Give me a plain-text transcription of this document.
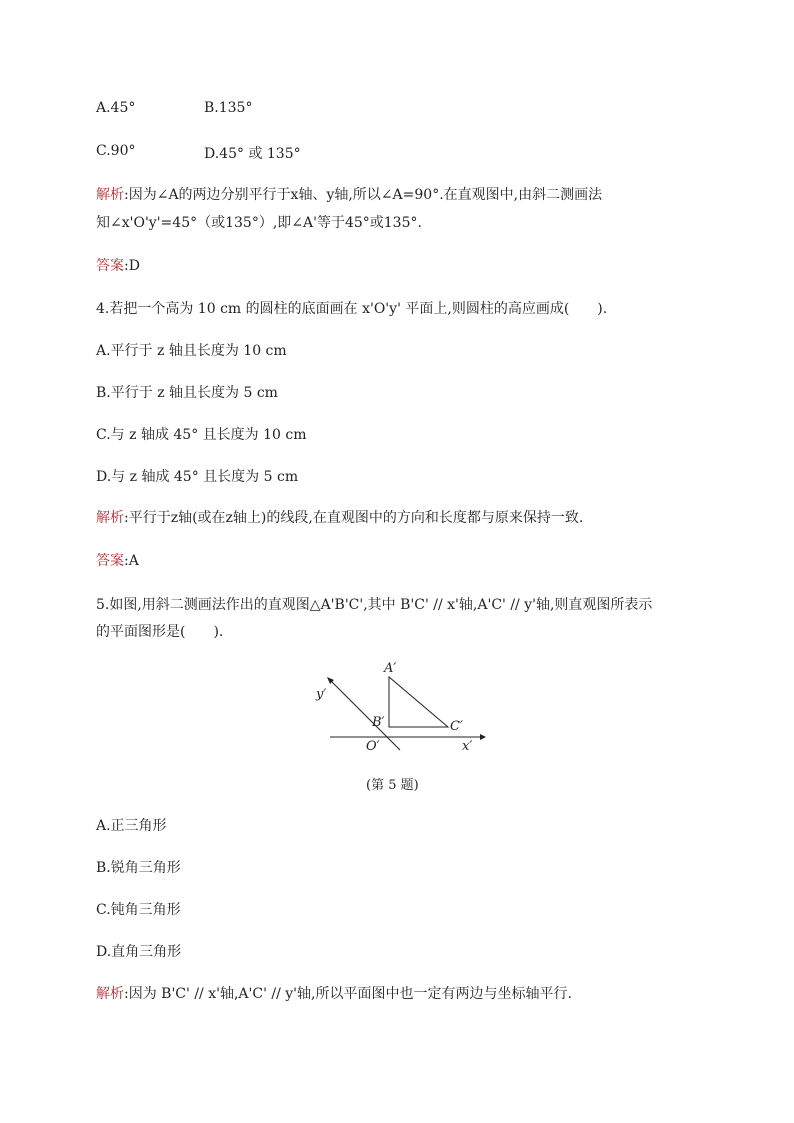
A.45°	B.135°
C.90°	D.45° 或 135°
解析:因为∠A的两边分别平行于x轴、y轴,所以∠A=90°.在直观图中,由斜二测画法
知∠x'O'y'=45°（或135°）,即∠A'等于45°或135°.
答案:D
4.若把一个高为 10 cm 的圆柱的底面画在 x'O'y' 平面上,则圆柱的高应画成(　　).
A.平行于 z 轴且长度为 10 cm
B.平行于 z 轴且长度为 5 cm
C.与 z 轴成 45° 且长度为 10 cm
D.与 z 轴成 45° 且长度为 5 cm
解析:平行于z轴(或在z轴上)的线段,在直观图中的方向和长度都与原来保持一致.
答案:A
5.如图,用斜二测画法作出的直观图△A'B'C',其中 B'C' // x'轴,A'C' // y'轴,则直观图所表示
的平面图形是(　　).
A′
B′	C′
O′	x′
y′
(第 5 题)
A.正三角形
B.锐角三角形
C.钝角三角形
D.直角三角形
解析:因为 B'C' // x'轴,A'C' // y'轴,所以平面图中也一定有两边与坐标轴平行.
